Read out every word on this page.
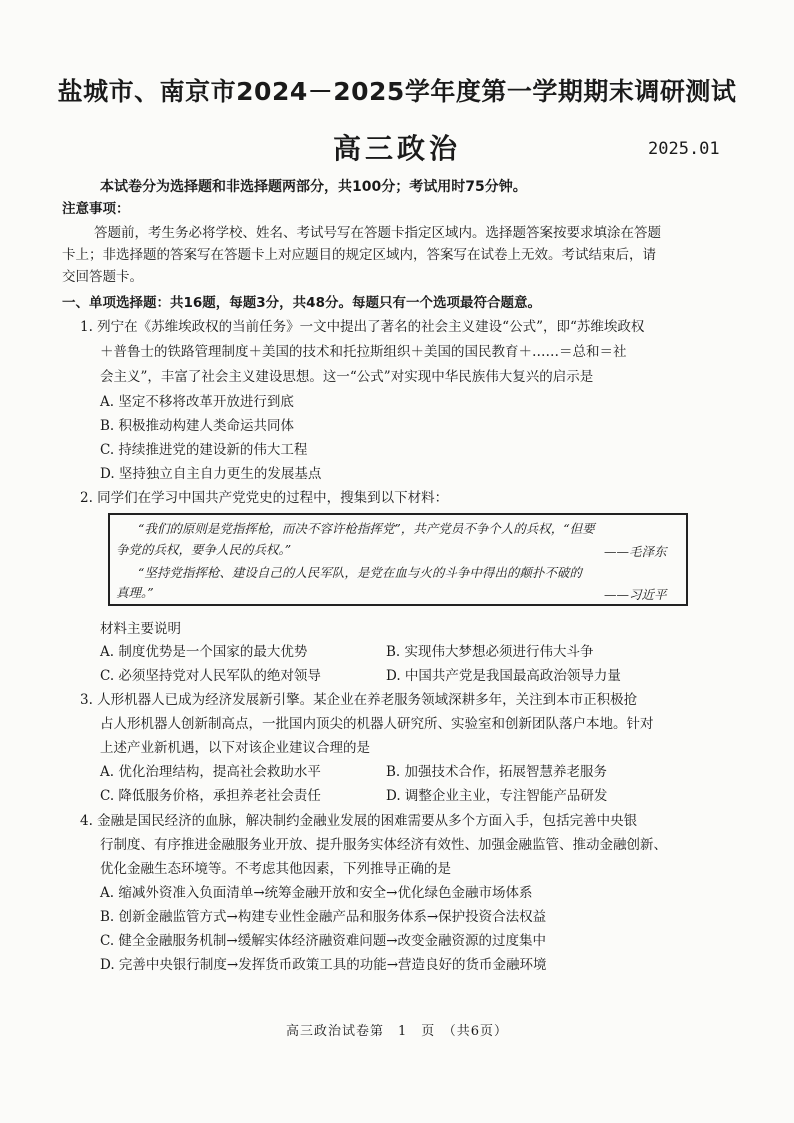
盐城市、南京市2024－2025学年度第一学期期末调研测试
高三政治	2025.01
本试卷分为选择题和非选择题两部分，共100分；考试用时75分钟。
注意事项：
答题前，考生务必将学校、姓名、考试号写在答题卡指定区域内。选择题答案按要求填涂在答题
卡上；非选择题的答案写在答题卡上对应题目的规定区域内，答案写在试卷上无效。考试结束后，请
交回答题卡。
一、单项选择题：共16题，每题3分，共48分。每题只有一个选项最符合题意。
1. 列宁在《苏维埃政权的当前任务》一文中提出了著名的社会主义建设“公式”，即“苏维埃政权
＋普鲁士的铁路管理制度＋美国的技术和托拉斯组织＋美国的国民教育＋……＝总和＝社
会主义”，丰富了社会主义建设思想。这一“公式”对实现中华民族伟大复兴的启示是
A. 坚定不移将改革开放进行到底
B. 积极推动构建人类命运共同体
C. 持续推进党的建设新的伟大工程
D. 坚持独立自主自力更生的发展基点
2. 同学们在学习中国共产党党史的过程中，搜集到以下材料：
“我们的原则是党指挥枪，而决不容许枪指挥党”，共产党员不争个人的兵权，“但要
争党的兵权，要争人民的兵权。”	——毛泽东
“坚持党指挥枪、建设自己的人民军队，是党在血与火的斗争中得出的颠扑不破的
真理。”	——习近平
材料主要说明
A. 制度优势是一个国家的最大优势	B. 实现伟大梦想必须进行伟大斗争
C. 必须坚持党对人民军队的绝对领导	D. 中国共产党是我国最高政治领导力量
3. 人形机器人已成为经济发展新引擎。某企业在养老服务领域深耕多年，关注到本市正积极抢
占人形机器人创新制高点，一批国内顶尖的机器人研究所、实验室和创新团队落户本地。针对
上述产业新机遇，以下对该企业建议合理的是
A. 优化治理结构，提高社会救助水平	B. 加强技术合作，拓展智慧养老服务
C. 降低服务价格，承担养老社会责任	D. 调整企业主业，专注智能产品研发
4. 金融是国民经济的血脉，解决制约金融业发展的困难需要从多个方面入手，包括完善中央银
行制度、有序推进金融服务业开放、提升服务实体经济有效性、加强金融监管、推动金融创新、
优化金融生态环境等。不考虑其他因素，下列推导正确的是
A. 缩减外资准入负面清单→统筹金融开放和安全→优化绿色金融市场体系
B. 创新金融监管方式→构建专业性金融产品和服务体系→保护投资合法权益
C. 健全金融服务机制→缓解实体经济融资难问题→改变金融资源的过度集中
D. 完善中央银行制度→发挥货币政策工具的功能→营造良好的货币金融环境
高三政治试卷第　1　页　（共6页）
